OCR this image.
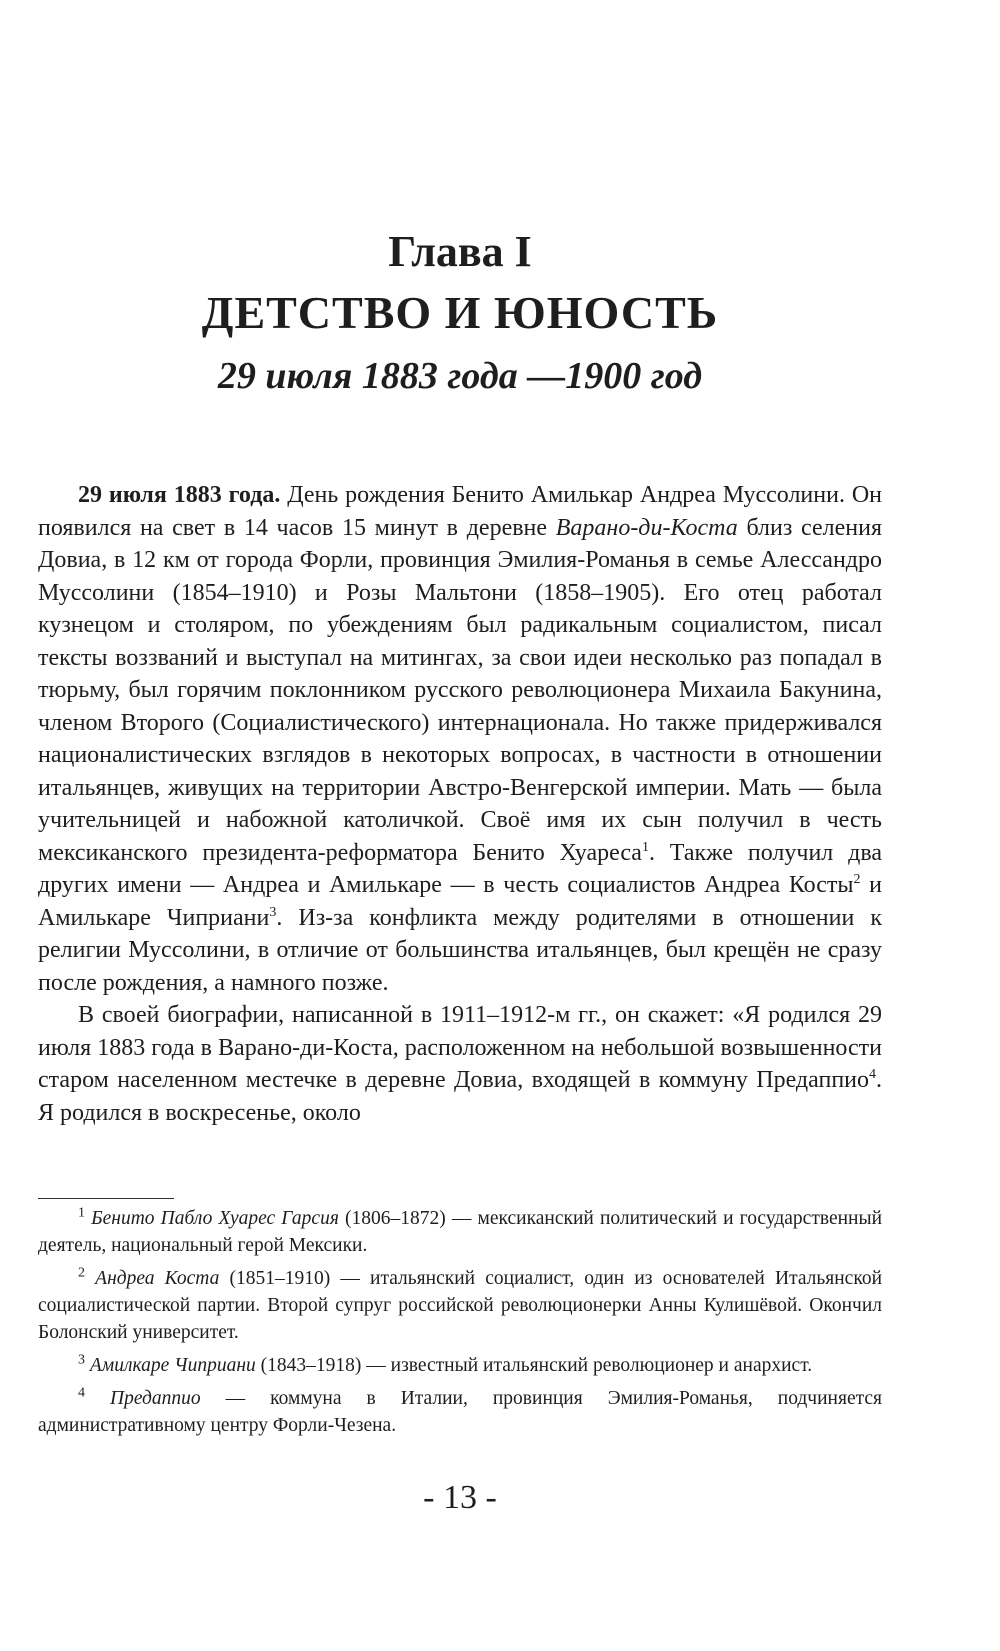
Глава I
ДЕТСТВО И ЮНОСТЬ
29 июля 1883 года —1900 год

29 июля 1883 года. День рождения Бенито Амилькар Андреа Муссолини. Он появился на свет в 14 часов 15 минут в деревне Варано-ди-Коста близ селения Довиа, в 12 км от города Форли, провинция Эмилия-Романья в семье Алессандро Муссолини (1854–1910) и Розы Мальтони (1858–1905). Его отец работал кузнецом и столяром, по убеждениям был радикальным социалистом, писал тексты воззваний и выступал на митингах, за свои идеи несколько раз попадал в тюрьму, был горячим поклонником русского революционера Михаила Бакунина, членом Второго (Социалистического) интернационала. Но также придерживался националистических взглядов в некоторых вопросах, в частности в отношении итальянцев, живущих на территории Австро-Венгерской империи. Мать — была учительницей и набожной католичкой. Своё имя их сын получил в честь мексиканского президента-реформатора Бенито Хуареса$^1$. Также получил два других имени — Андреа и Амилькаре — в честь социалистов Андреа Косты$^2$ и Амилькаре Чиприани$^3$. Из-за конфликта между родителями в отношении к религии Муссолини, в отличие от большинства итальянцев, был крещён не сразу после рождения, а намного позже.

В своей биографии, написанной в 1911–1912-м гг., он скажет: «Я родился 29 июля 1883 года в Варано-ди-Коста, расположенном на небольшой возвышенности старом населенном местечке в деревне Довиа, входящей в коммуну Предаппио$^4$. Я родился в воскресенье, около

$^1$ Бенито Пабло Хуарес Гарсия (1806–1872) — мексиканский политический и государственный деятель, национальный герой Мексики.

$^2$ Андреа Коста (1851–1910) — итальянский социалист, один из основателей Итальянской социалистической партии. Второй супруг российской революционерки Анны Кулишёвой. Окончил Болонский университет.

$^3$ Амилкаре Чиприани (1843–1918) — известный итальянский революционер и анархист.

$^4$ Предаппио — коммуна в Италии, провинция Эмилия-Романья, подчиняется административному центру Форли-Чезена.

- 13 -
